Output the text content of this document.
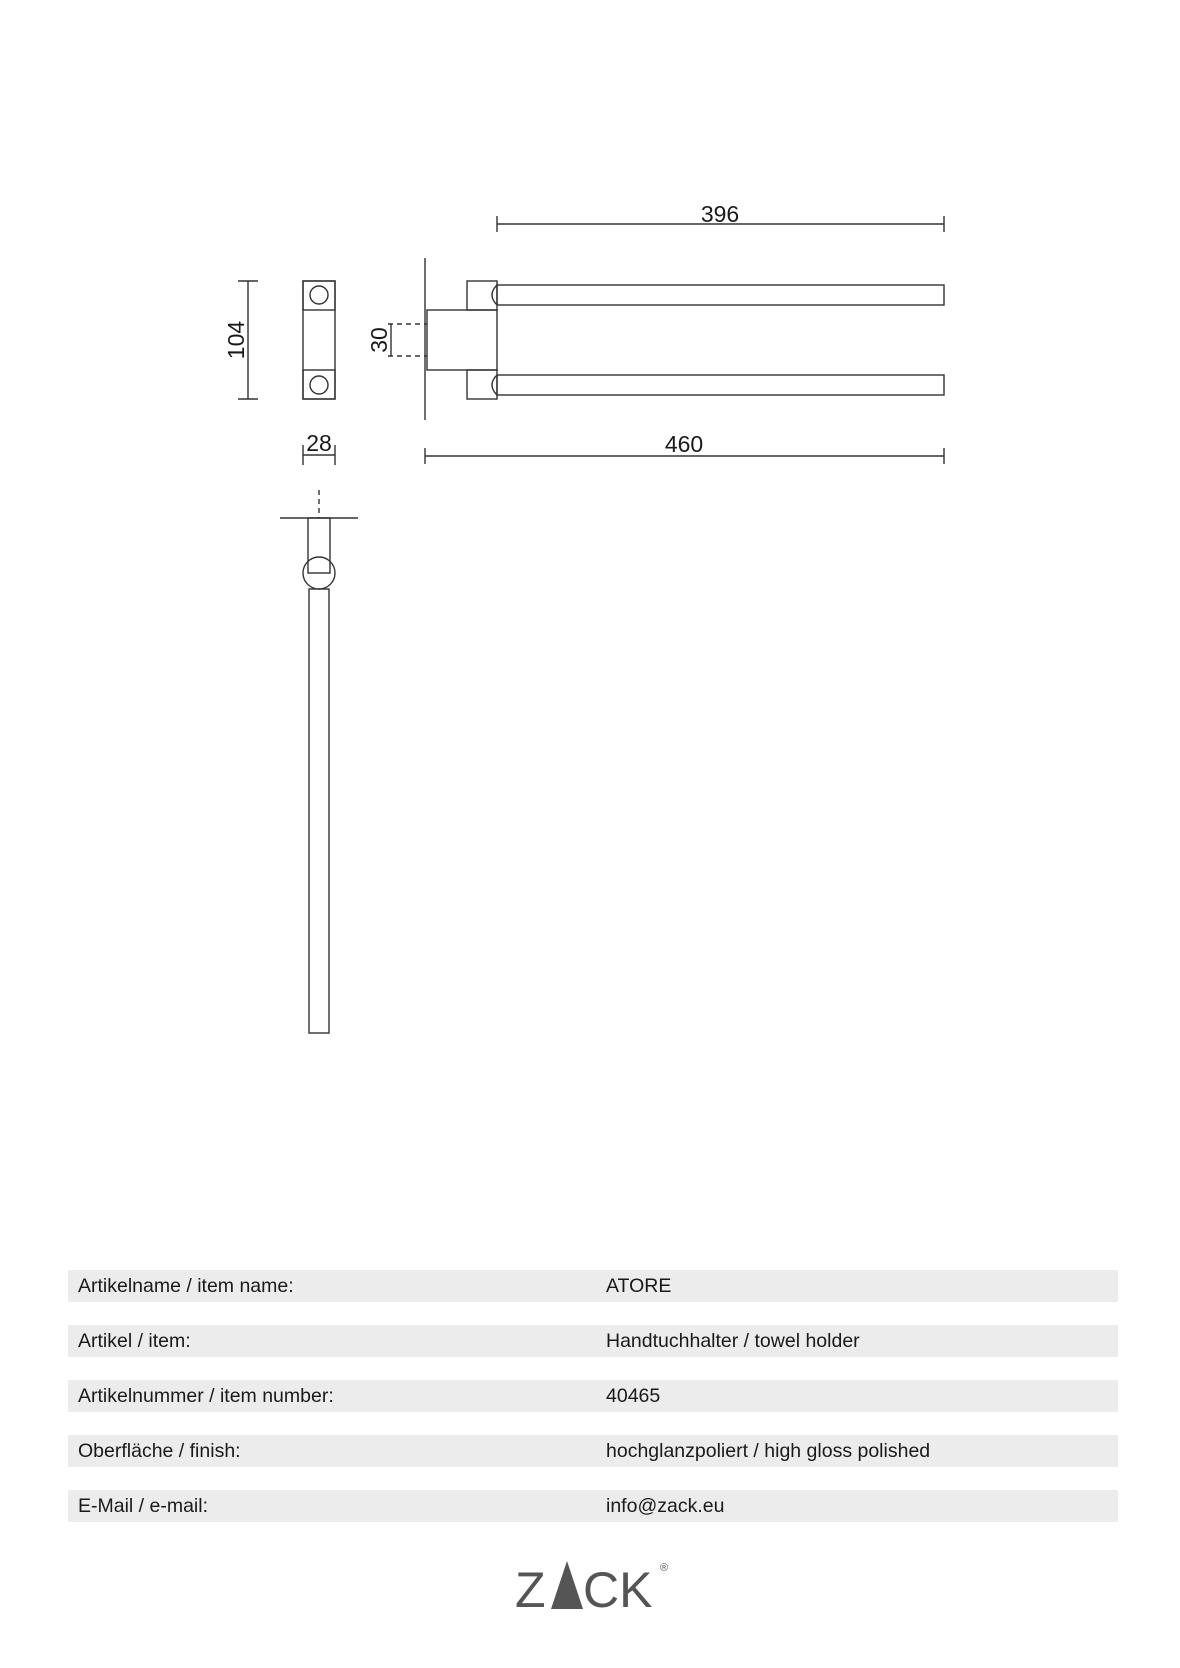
104
28
30
396
460
Artikelname / item name:	ATORE
Artikel / item:	Handtuchhalter / towel holder
Artikelnummer / item number:	40465
Oberfläche / finish:	hochglanzpoliert / high gloss polished
E-Mail / e-mail:	info@zack.eu
Z CK ®
